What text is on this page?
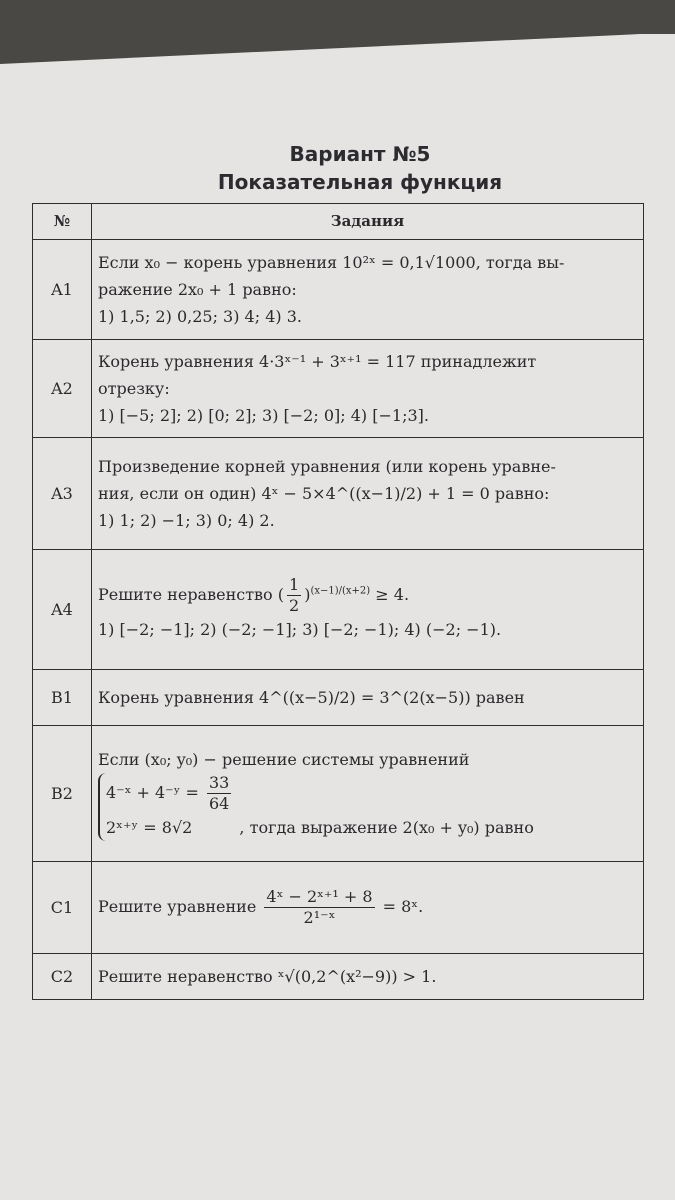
Вариант №5
Показательная функция
№	Задания
A1	Если x₀ − корень уравнения 10²ˣ = 0,1√1000, тогда вы-
ражение 2x₀ + 1 равно:
1) 1,5; 2) 0,25; 3) 4; 4) 3.

A2	Корень уравнения 4·3ˣ⁻¹ + 3ˣ⁺¹ = 117 принадлежит
отрезку:
1) [−5; 2]; 2) [0; 2]; 3) [−2; 0]; 4) [−1;3].

A3	Произведение корней уравнения (или корень уравне-
ния, если он один) 4ˣ − 5×4^((x−1)/2) + 1 = 0 равно:
1) 1; 2) −1; 3) 0; 4) 2.

A4	Решите неравенство ( $\frac{1}{2} )^{(x-1)/(x+2)} \ge 4$.
1) [−2; −1]; 2) (−2; −1]; 3) [−2; −1); 4) (−2; −1).

B1	Корень уравнения 4^((x−5)/2) = 3^(2(x−5)) равен

B2	Если (x₀; y₀) − решение системы уравнений
4⁻ˣ + 4⁻ʸ = $\frac{33}{64}$

2ˣ⁺ʸ = 8√2 , тогда выражение 2(x₀ + y₀) равно

C1	Решите уравнение $\frac{\text{4ˣ − 2ˣ⁺¹ + 8}}{\text{2¹⁻ˣ}}$ = 8ˣ.

C2	Решите неравенство ˣ√(0,2^(x²−9)) > 1.
